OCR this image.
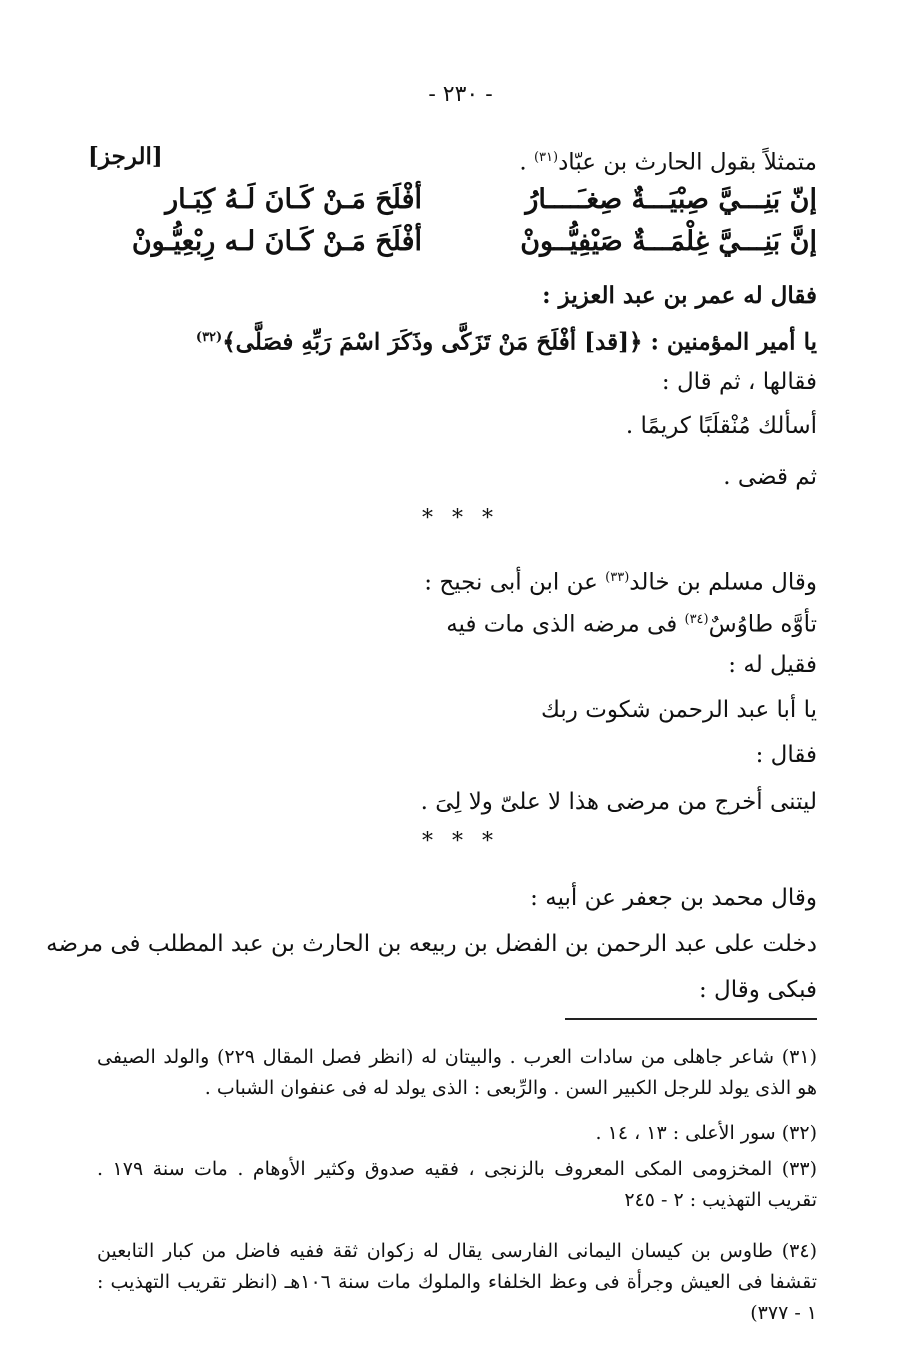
- ٢٣٠ -
متمثلاً بقول الحارث بن عبّاد$^{(٣١)}$ .
[الرجز]
إنّ بَنِـــيَّ صِبْيَـــةٌ صِغـَــــارُ
أفْلَحَ مَـنْ كَـانَ لَـهُ كِبَـار
إنَّ بَنِـــيَّ غِلْمَـــةٌ صَيْفِيُّــونْ
أفْلَحَ مَـنْ كَـانَ لـه رِبْعِيُّـونْ
فقال له عمر بن عبد العزيز :
يا أمير المؤمنين : ﴿[قد] أفْلَحَ مَنْ تَزَكَّى وذَكَرَ اسْمَ رَبِّهِ فصَلَّى﴾$^{(٣٢)}$
فقالها ، ثم قال :
أسألك مُنْقلَبًا كريمًا .
ثم قضى .
* * *
وقال مسلم بن خالد$^{(٣٣)}$ عن ابن أبى نجيح :
تأوَّه طاوُسٌ$^{(٣٤)}$ فى مرضه الذى مات فيه
فقيل له :
يا أبا عبد الرحمن شكوت ربك
فقال :
ليتنى أخرج من مرضى هذا لا علىّ ولا لِىَ .
* * *
وقال محمد بن جعفر عن أبيه :
دخلت على عبد الرحمن بن الفضل بن ربيعه بن الحارث بن عبد المطلب فى مرضه
فبكى وقال :
(٣١) شاعر جاهلى من سادات العرب . والبيتان له (انظر فصل المقال ٢٢٩) والولد الصيفى هو الذى يولد للرجل الكبير السن . والرِّبعى : الذى يولد له فى عنفوان الشباب .
(٣٢) سور الأعلى : ١٣ ، ١٤ .
(٣٣) المخزومى المكى المعروف بالزنجى ، فقيه صدوق وكثير الأوهام . مات سنة ١٧٩ . تقريب التهذيب : ٢ - ٢٤٥
(٣٤) طاوس بن كيسان اليمانى الفارسى يقال له زكوان ثقة ففيه فاضل من كبار التابعين تقشفا فى العيش وجرأة فى وعظ الخلفاء والملوك مات سنة ١٠٦هـ (انظر تقريب التهذيب : ١ - ٣٧٧)
